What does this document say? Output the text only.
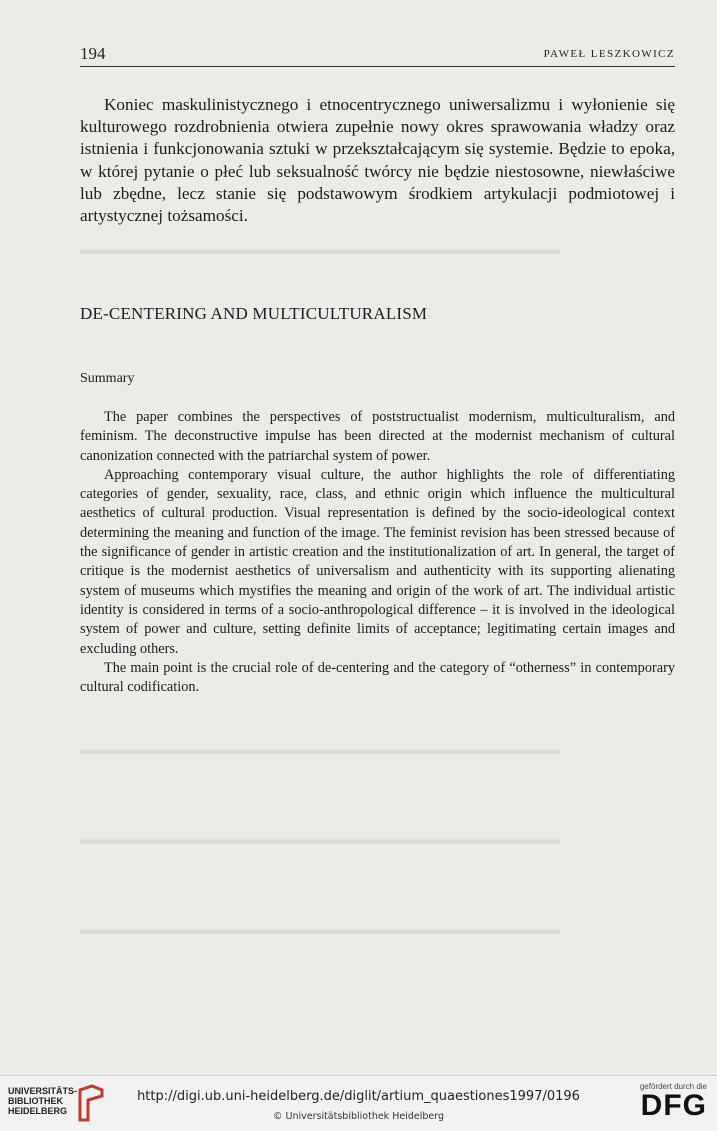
▬▬▬▬▬▬▬▬▬▬▬▬▬▬▬▬▬▬▬▬▬▬▬▬▬▬▬▬▬▬▬▬
▬▬▬▬▬▬▬▬▬▬▬▬▬▬▬▬▬▬▬▬▬▬▬▬▬▬▬▬▬▬▬▬
▬▬▬▬▬▬▬▬▬▬▬▬▬▬▬▬▬▬▬▬▬▬▬▬▬▬▬▬▬▬▬▬
▬▬▬▬▬▬▬▬▬▬▬▬▬▬▬▬▬▬▬▬▬▬▬▬▬▬▬▬▬▬▬▬
194	PAWEŁ LESZKOWICZ
Koniec maskulinistycznego i etnocentrycznego uniwersalizmu i wyłonienie się kulturowego rozdrobnienia otwiera zupełnie nowy okres sprawowania władzy oraz istnienia i funkcjonowania sztuki w przekształcającym się systemie. Będzie to epoka, w której pytanie o płeć lub seksualność twórcy nie będzie niestosowne, niewłaściwe lub zbędne, lecz stanie się podstawowym środkiem artykulacji podmiotowej i artystycznej tożsamości.
DE-CENTERING AND MULTICULTURALISM
Summary

The paper combines the perspectives of poststructualist modernism, multiculturalism, and feminism. The deconstructive impulse has been directed at the modernist mechanism of cultural canonization connected with the patriarchal system of power.

Approaching contemporary visual culture, the author highlights the role of differentiating categories of gender, sexuality, race, class, and ethnic origin which influence the multicultural aesthetics of cultural production. Visual representation is defined by the socio-ideological context determining the meaning and function of the image. The feminist revision has been stressed because of the significance of gender in artistic creation and the institutionalization of art. In general, the target of critique is the modernist aesthetics of universalism and authenticity with its supporting alienating system of museums which mystifies the meaning and origin of the work of art. The individual artistic identity is considered in terms of a socio-anthropological difference – it is involved in the ideological system of power and culture, setting definite limits of acceptance; legitimating certain images and excluding others.

The main point is the crucial role of de-centering and the category of “otherness” in contemporary cultural codification.

UNIVERSITÄTS-
BIBLIOTHEK
HEIDELBERG
http://digi.ub.uni-heidelberg.de/diglit/artium_quaestiones1997/0196
© Universitätsbibliothek Heidelberg
gefördert durch die
DFG
